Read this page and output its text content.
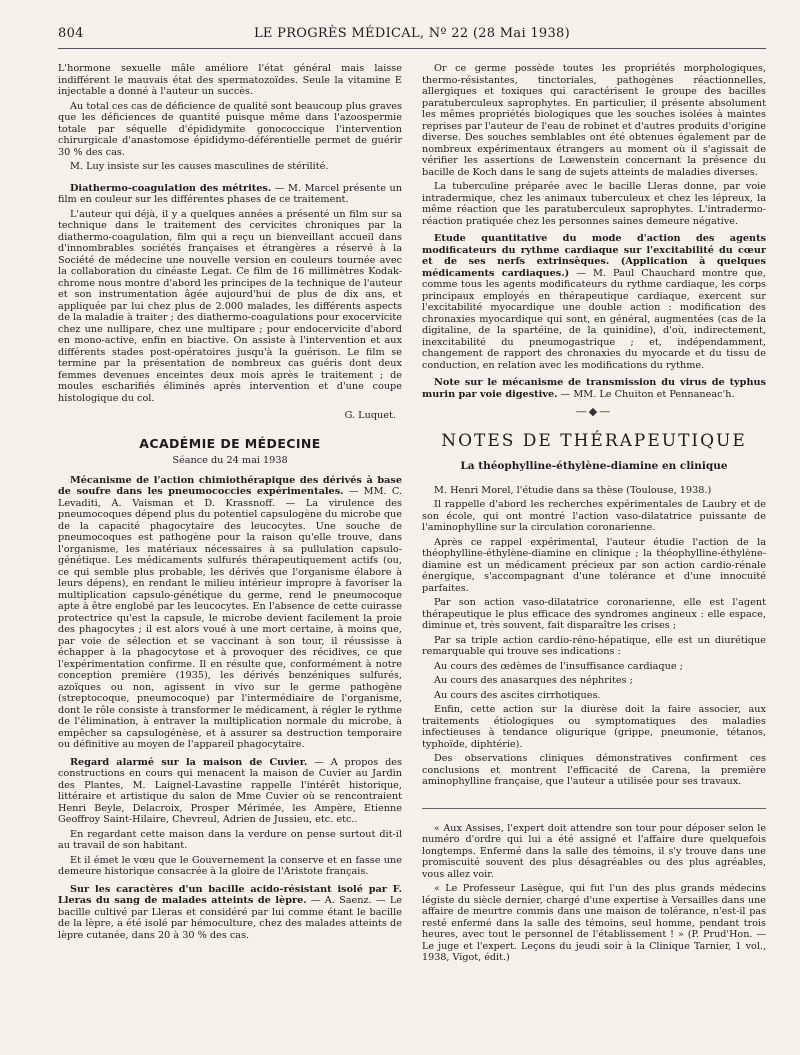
804	LE PROGRÈS MÉDICAL, Nº 22 (28 Mai 1938)

L'hormone sexuelle mâle améliore l'état général mais laisse indifférent le mauvais état des spermatozoïdes. Seule la vitamine E injectable a donné à l'auteur un succès.

Au total ces cas de déficience de qualité sont beaucoup plus graves que les déficiences de quantité puisque même dans l'azoospermie totale par séquelle d'épididymite gonococcique l'intervention chirurgicale d'anastomose épididymo-déférentielle permet de guérir 30 % des cas.

M. Luy insiste sur les causes masculines de stérilité.

Diathermo-coagulation des métrites. — M. Marcel présente un film en couleur sur les différentes phases de ce traitement.

L'auteur qui déjà, il y a quelques années a présenté un film sur sa technique dans le traitement des cervicites chroniques par la diathermo-coagulation, film qui a reçu un bienveillant accueil dans d'innombrables sociétés françaises et étrangères a réservé à la Société de médecine une nouvelle version en couleurs tournée avec la collaboration du cinéaste Legat. Ce film de 16 millimètres Kodak-chrome nous montre d'abord les principes de la technique de l'auteur et son instrumentation âgée aujourd'hui de plus de dix ans, et appliquée par lui chez plus de 2.000 malades, les différents aspects de la maladie à traiter ; des diathermo-coagulations pour exocervicite chez une nullipare, chez une multipare ; pour endocervicite d'abord en mono-active, enfin en biactive. On assiste à l'intervention et aux différents stades post-opératoires jusqu'à la guérison. Le film se termine par la présentation de nombreux cas guéris dont deux femmes devenues enceintes deux mois après le traitement ; de moules escharifiés éliminés après intervention et d'une coupe histologique du col.

G. Luquet.

ACADÉMIE DE MÉDECINE
Séance du 24 mai 1938

Mécanisme de l'action chimiothérapique des dérivés à base de soufre dans les pneumococcies expérimentales. — MM. C. Levaditi, A. Vaisman et D. Krassnoff. — La virulence des pneumocoques dépend plus du potentiel capsulogène du microbe que de la capacité phagocytaire des leucocytes. Une souche de pneumocoques est pathogène pour la raison qu'elle trouve, dans l'organisme, les matériaux nécessaires à sa pullulation capsulo-génétique. Les médicaments sulfurés thérapeutiquement actifs (ou, ce qui semble plus probable, les dérivés que l'organisme élabore à leurs dépens), en rendant le milieu intérieur impropre à favoriser la multiplication capsulo-génétique du germe, rend le pneumocoque apte à être englobé par les leucocytes. En l'absence de cette cuirasse protectrice qu'est la capsule, le microbe devient facilement la proie des phagocytes ; il est alors voué à une mort certaine, à moins que, par voie de sélection et se vaccinant à son tour, il réussisse à échapper à la phagocytose et à provoquer des récidives, ce que l'expérimentation confirme. Il en résulte que, conformément à notre conception première (1935), les dérivés benzéniques sulfurés, azoïques ou non, agissent in vivo sur le germe pathogène (streptocoque, pneumocoque) par l'intermédiaire de l'organisme, dont le rôle consiste à transformer le médicament, à régler le rythme de l'élimination, à entraver la multiplication normale du microbe, à empêcher sa capsulogénèse, et à assurer sa destruction temporaire ou définitive au moyen de l'appareil phagocytaire.

Regard alarmé sur la maison de Cuvier. — A propos des constructions en cours qui menacent la maison de Cuvier au Jardin des Plantes, M. Laignel-Lavastine rappelle l'intérêt historique, littéraire et artistique du salon de Mme Cuvier où se rencontraient Henri Beyle, Delacroix, Prosper Mérimée, les Ampère, Etienne Geoffroy Saint-Hilaire, Chevreul, Adrien de Jussieu, etc. etc..

En regardant cette maison dans la verdure on pense surtout dit-il au travail de son habitant.

Et il émet le vœu que le Gouvernement la conserve et en fasse une demeure historique consacrée à la gloire de l'Aristote français.

Sur les caractères d'un bacille acido-résistant isolé par F. Lleras du sang de malades atteints de lèpre. — A. Saenz. — Le bacille cultivé par Lleras et considéré par lui comme étant le bacille de la lèpre, a été isolé par hémoculture, chez des malades atteints de lèpre cutanée, dans 20 à 30 % des cas.

Or ce germe possède toutes les propriétés morphologiques, thermo-résistantes, tinctoriales, pathogènes réactionnelles, allergiques et toxiques qui caractérisent le groupe des bacilles paratuberculeux saprophytes. En particulier, il présente absolument les mêmes propriétés biologiques que les souches isolées à maintes reprises par l'auteur de l'eau de robinet et d'autres produits d'origine diverse. Des souches semblables ont été obtenues également par de nombreux expérimentaux étrangers au moment où il s'agissait de vérifier les assertions de Lœwenstein concernant la présence du bacille de Koch dans le sang de sujets atteints de maladies diverses.

La tuberculine préparée avec le bacille Lleras donne, par voie intradermique, chez les animaux tuberculeux et chez les lépreux, la même réaction que les paratuberculeux saprophytes. L'intradermo-réaction pratiquée chez les personnes saines demeure négative.

Etude quantitative du mode d'action des agents modificateurs du rythme cardiaque sur l'excitabilité du cœur et de ses nerfs extrinsèques. (Application à quelques médicaments cardiaques.) — M. Paul Chauchard montre que, comme tous les agents modificateurs du rythme cardiaque, les corps principaux employés en thérapeutique cardiaque, exercent sur l'excitabilité myocardique une double action : modification des chronaxies myocardique qui sont, en général, augmentées (cas de la digitaline, de la spartéine, de la quinidine), d'où, indirectement, inexcitabilité du pneumogastrique ; et, indépendamment, changement de rapport des chronaxies du myocarde et du tissu de conduction, en relation avec les modifications du rythme.

Note sur le mécanisme de transmission du virus de typhus murin par voie digestive. — MM. Le Chuiton et Pennaneac'h.

—◆—
NOTES DE THÉRAPEUTIQUE
La théophylline-éthylène-diamine en clinique

M. Henri Morel, l'étudie dans sa thèse (Toulouse, 1938.)

Il rappelle d'abord les recherches expérimentales de Laubry et de son école, qui ont montré l'action vaso-dilatatrice puissante de l'aminophylline sur la circulation coronarienne.

Après ce rappel expérimental, l'auteur étudie l'action de la théophylline-éthylène-diamine en clinique ; la théophylline-éthylène-diamine est un médicament précieux par son action cardio-rénale énergique, s'accompagnant d'une tolérance et d'une innocuité parfaites.

Par son action vaso-dilatatrice coronarienne, elle est l'agent thérapeutique le plus efficace des syndromes angineux : elle espace, diminue et, très souvent, fait disparaître les crises ;

Par sa triple action cardio-réno-hépatique, elle est un diurétique remarquable qui trouve ses indications :

Au cours des œdèmes de l'insuffisance cardiaque ;

Au cours des anasarques des néphrites ;

Au cours des ascites cirrhotiques.

Enfin, cette action sur la diurèse doit la faire associer, aux traitements étiologiques ou symptomatiques des maladies infectieuses à tendance oligurique (grippe, pneumonie, tétanos, typhoïde, diphtérie).

Des observations cliniques démonstratives confirment ces conclusions et montrent l'efficacité de Carena, la première aminophylline française, que l'auteur a utilisée pour ses travaux.

« Aux Assises, l'expert doit attendre son tour pour déposer selon le numéro d'ordre qui lui a été assigné et l'affaire dure quelquefois longtemps. Enfermé dans la salle des témoins, il s'y trouve dans une promiscuité souvent des plus désagréables ou des plus agréables, vous allez voir.

« Le Professeur Lasègue, qui fut l'un des plus grands médecins légiste du siècle dernier, chargé d'une expertise à Versailles dans une affaire de meurtre commis dans une maison de tolérance, n'est-il pas resté enfermé dans la salle des témoins, seul homme, pendant trois heures, avec tout le personnel de l'établissement ! » (P. Prud'Hon. — Le juge et l'expert. Leçons du jeudi soir à la Clinique Tarnier, 1 vol., 1938, Vigot, édit.)
